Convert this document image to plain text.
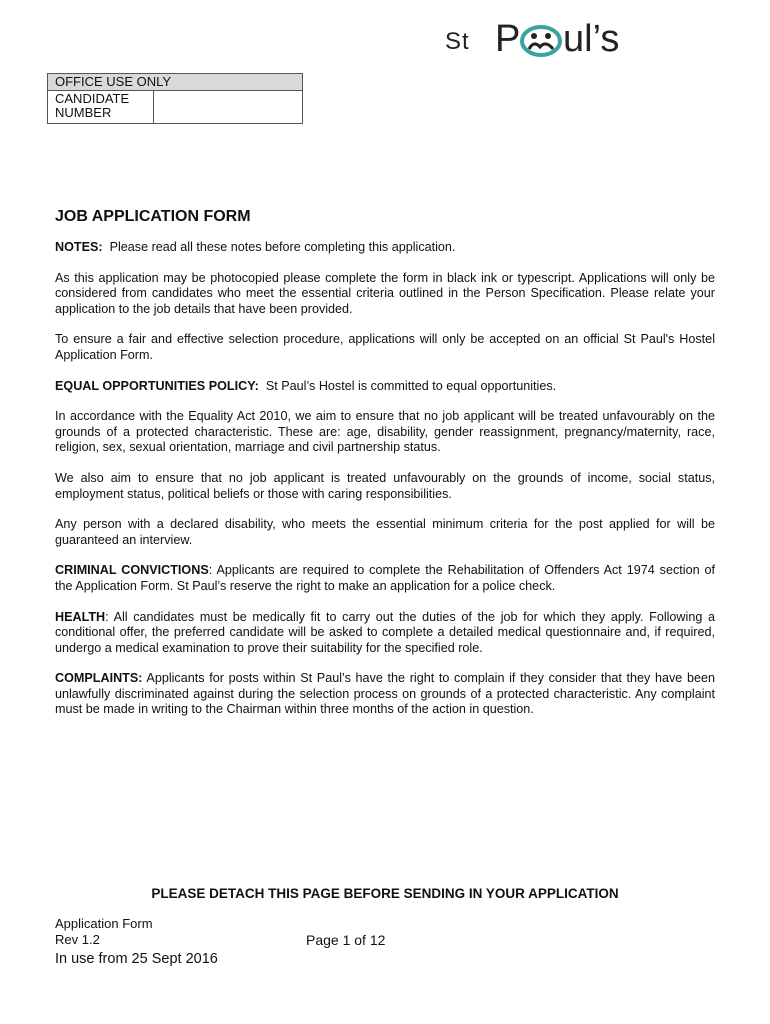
St P ul’s
OFFICE USE ONLY
CANDIDATE NUMBER
JOB APPLICATION FORM

NOTES: Please read all these notes before completing this application.

As this application may be photocopied please complete the form in black ink or typescript. Applications will only be considered from candidates who meet the essential criteria outlined in the Person Specification. Please relate your application to the job details that have been provided.

To ensure a fair and effective selection procedure, applications will only be accepted on an official St Paul's Hostel Application Form.

EQUAL OPPORTUNITIES POLICY: St Paul’s Hostel is committed to equal opportunities.

In accordance with the Equality Act 2010, we aim to ensure that no job applicant will be treated unfavourably on the grounds of a protected characteristic. These are: age, disability, gender reassignment, pregnancy/maternity, race, religion, sex, sexual orientation, marriage and civil partnership status.

We also aim to ensure that no job applicant is treated unfavourably on the grounds of income, social status, employment status, political beliefs or those with caring responsibilities.

Any person with a declared disability, who meets the essential minimum criteria for the post applied for will be guaranteed an interview.

CRIMINAL CONVICTIONS: Applicants are required to complete the Rehabilitation of Offenders Act 1974 section of the Application Form. St Paul’s reserve the right to make an application for a police check.

HEALTH: All candidates must be medically fit to carry out the duties of the job for which they apply. Following a conditional offer, the preferred candidate will be asked to complete a detailed medical questionnaire and, if required, undergo a medical examination to prove their suitability for the specified role.

COMPLAINTS: Applicants for posts within St Paul’s have the right to complain if they consider that they have been unlawfully discriminated against during the selection process on grounds of a protected characteristic. Any complaint must be made in writing to the Chairman within three months of the action in question.

PLEASE DETACH THIS PAGE BEFORE SENDING IN YOUR APPLICATION
Application Form
Rev 1.2
In use from 25 Sept 2016
Page 1 of 12
